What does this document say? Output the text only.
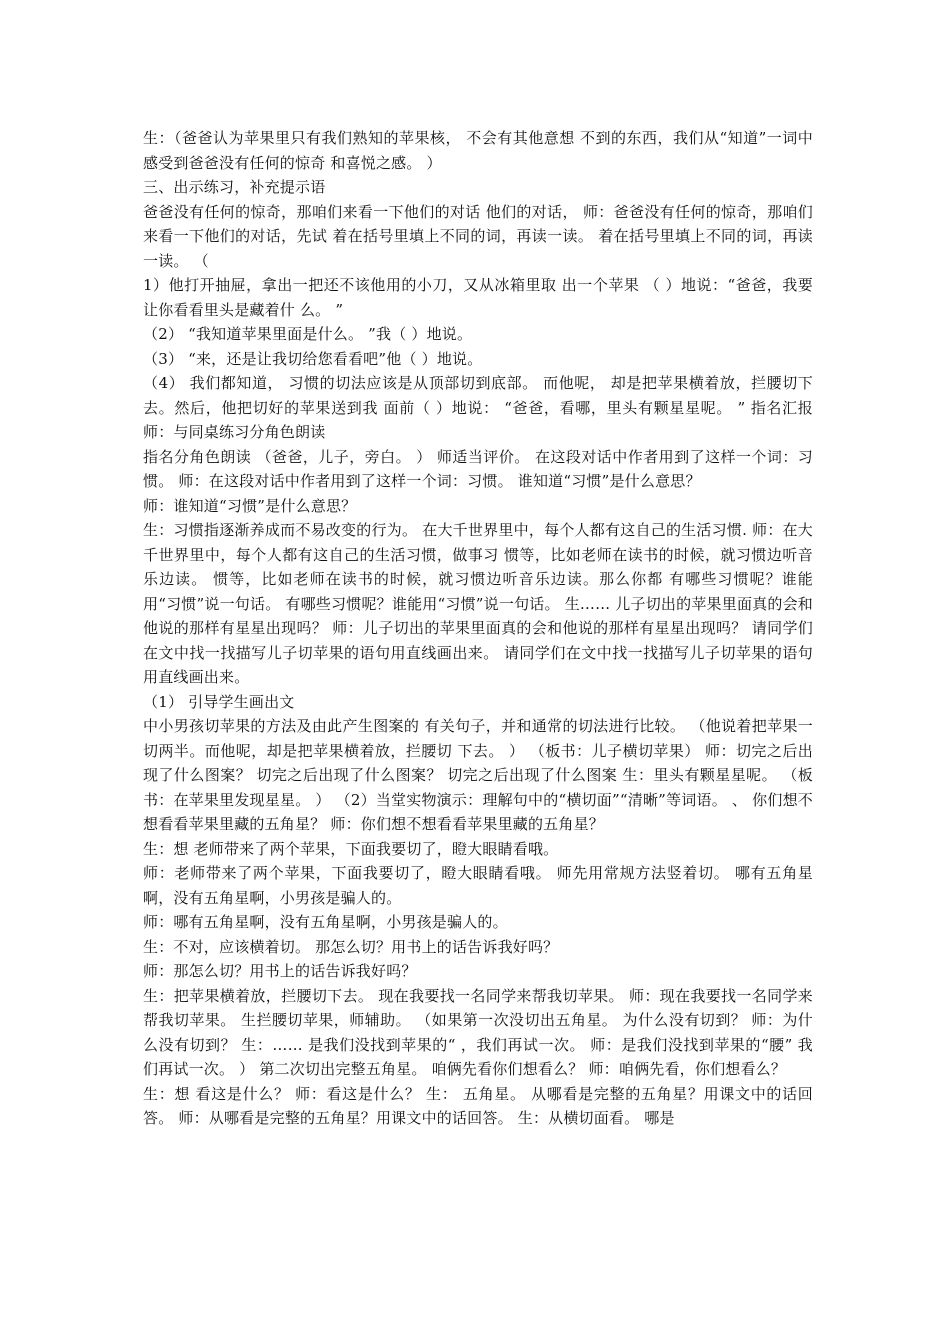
生：（爸爸认为苹果里只有我们熟知的苹果核， 不会有其他意想 不到的东西，我们从“知道”一词中感受到爸爸没有任何的惊奇 和喜悦之感。 ）

三、出示练习，补充提示语

爸爸没有任何的惊奇，那咱们来看一下他们的对话 他们的对话， 师：爸爸没有任何的惊奇，那咱们来看一下他们的对话，先试 着在括号里填上不同的词，再读一读。 着在括号里填上不同的词，再读一读。 （

1）他打开抽屉，拿出一把还不该他用的小刀，又从冰箱里取 出一个苹果 （ ）地说：“爸爸，我要让你看看里头是藏着什 么。 ”

（2） “我知道苹果里面是什么。 ”我（ ）地说。

（3） “来，还是让我切给您看看吧”他（ ）地说。

（4） 我们都知道， 习惯的切法应该是从顶部切到底部。 而他呢， 却是把苹果横着放，拦腰切下去。然后，他把切好的苹果送到我 面前（ ）地说： “爸爸，看哪，里头有颗星星呢。 ” 指名汇报 师：与同桌练习分角色朗读

指名分角色朗读 （爸爸，儿子，旁白。 ） 师适当评价。 在这段对话中作者用到了这样一个词：习惯。 师：在这段对话中作者用到了这样一个词：习惯。 谁知道“习惯”是什么意思？

师：谁知道“习惯”是什么意思？

生：习惯指逐渐养成而不易改变的行为。 在大千世界里中，每个人都有这自己的生活习惯. 师：在大千世界里中，每个人都有这自己的生活习惯，做事习 惯等，比如老师在读书的时候，就习惯边听音乐边读。 惯等，比如老师在读书的时候，就习惯边听音乐边读。那么你都 有哪些习惯呢？谁能用“习惯”说一句话。 有哪些习惯呢？谁能用“习惯”说一句话。 生…… 儿子切出的苹果里面真的会和他说的那样有星星出现吗？ 师：儿子切出的苹果里面真的会和他说的那样有星星出现吗？ 请同学们在文中找一找描写儿子切苹果的语句用直线画出来。 请同学们在文中找一找描写儿子切苹果的语句用直线画出来。

（1） 引导学生画出文

中小男孩切苹果的方法及由此产生图案的 有关句子，并和通常的切法进行比较。 （他说着把苹果一切两半。而他呢，却是把苹果横着放，拦腰切 下去。 ） （板书：儿子横切苹果） 师：切完之后出现了什么图案？ 切完之后出现了什么图案？ 切完之后出现了什么图案 生：里头有颗星星呢。 （板书：在苹果里发现星星。 ） （2）当堂实物演示：理解句中的“横切面”“清晰”等词语。 、 你们想不想看看苹果里藏的五角星？ 师：你们想不想看看苹果里藏的五角星？

生：想 老师带来了两个苹果，下面我要切了，瞪大眼睛看哦。

师：老师带来了两个苹果，下面我要切了，瞪大眼睛看哦。 师先用常规方法竖着切。 哪有五角星啊，没有五角星啊，小男孩是骗人的。

师：哪有五角星啊，没有五角星啊，小男孩是骗人的。

生：不对，应该横着切。 那怎么切？用书上的话告诉我好吗？

师：那怎么切？用书上的话告诉我好吗？

生：把苹果横着放，拦腰切下去。 现在我要找一名同学来帮我切苹果。 师：现在我要找一名同学来帮我切苹果。 生拦腰切苹果，师辅助。 （如果第一次没切出五角星。 为什么没有切到？ 师：为什么没有切到？ 生：…… 是我们没找到苹果的“ ，我们再试一次。 师：是我们没找到苹果的“腰” 我们再试一次。 ） 第二次切出完整五角星。 咱俩先看你们想看么？ 师：咱俩先看，你们想看么？

生：想 看这是什么？ 师：看这是什么？ 生： 五角星。 从哪看是完整的五角星？用课文中的话回答。 师：从哪看是完整的五角星？用课文中的话回答。 生：从横切面看。 哪是
